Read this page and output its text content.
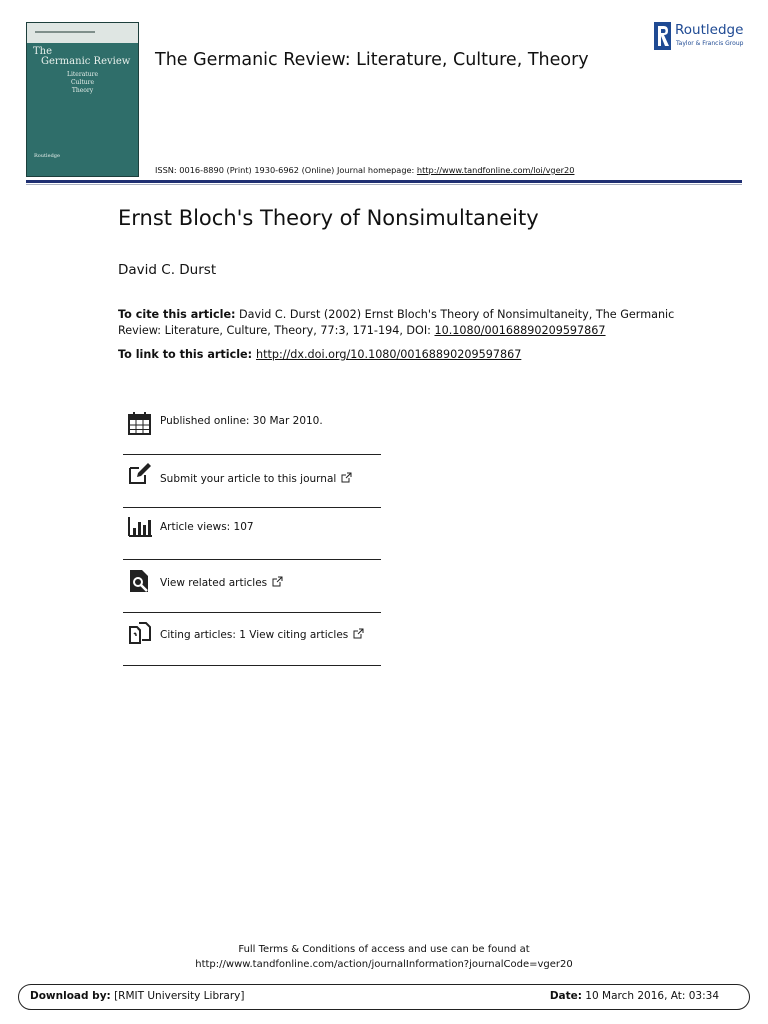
The
Germanic Review
Literature
Culture
Theory
Routledge
The Germanic Review: Literature, Culture, Theory
ISSN: 0016-8890 (Print) 1930-6962 (Online) Journal homepage: http://www.tandfonline.com/loi/vger20
Routledge
Taylor & Francis Group
Ernst Bloch's Theory of Nonsimultaneity
David C. Durst
To cite this article: David C. Durst (2002) Ernst Bloch's Theory of Nonsimultaneity, The Germanic Review: Literature, Culture, Theory, 77:3, 171-194, DOI: 10.1080/00168890209597867
To link to this article: http://dx.doi.org/10.1080/00168890209597867
Published online: 30 Mar 2010.
Submit your article to this journal
Article views: 107
View related articles
Citing articles: 1 View citing articles
Full Terms & Conditions of access and use can be found at
http://www.tandfonline.com/action/journalInformation?journalCode=vger20
Download by: [RMIT University Library]	Date: 10 March 2016, At: 03:34
